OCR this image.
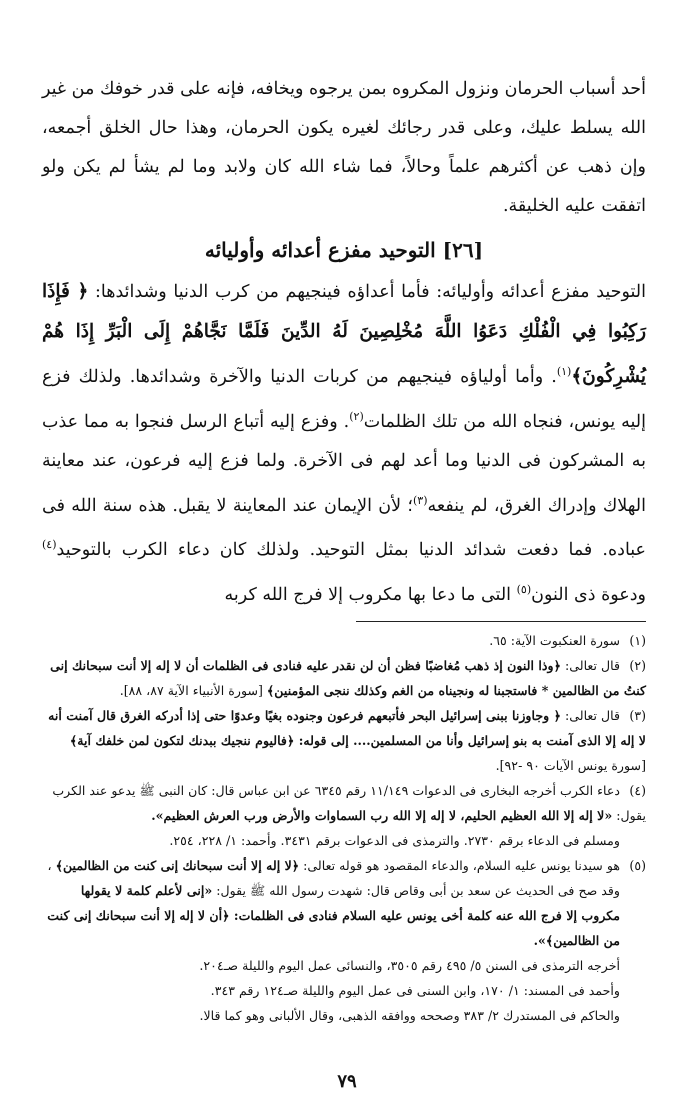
أحد أسباب الحرمان ونزول المكروه بمن يرجوه ويخافه، فإنه على قدر خوفك من غير الله يسلط عليك، وعلى قدر رجائك لغيره يكون الحرمان، وهذا حال الخلق أجمعه، وإن ذهب عن أكثرهم علماً وحالاً، فما شاء الله كان ولابد وما لم يشأ لم يكن ولو اتفقت عليه الخليقة.

[٢٦] التوحيد مفزع أعدائه وأوليائه

التوحيد مفزع أعدائه وأوليائه: فأما أعداؤه فينجيهم من كرب الدنيا وشدائدها: ﴿ فَإِذَا رَكِبُوا فِي الْفُلْكِ دَعَوُا اللَّهَ مُخْلِصِينَ لَهُ الدِّينَ فَلَمَّا نَجَّاهُمْ إِلَى الْبَرِّ إِذَا هُمْ يُشْرِكُونَ﴾$^{(١)}$. وأما أولياؤه فينجيهم من كربات الدنيا والآخرة وشدائدها. ولذلك فزع إليه يونس، فنجاه الله من تلك الظلمات$^{(٢)}$. وفزع إليه أتباع الرسل فنجوا به مما عذب به المشركون فى الدنيا وما أعد لهم فى الآخرة. ولما فزع إليه فرعون، عند معاينة الهلاك وإدراك الغرق، لم ينفعه$^{(٣)}$؛ لأن الإيمان عند المعاينة لا يقبل. هذه سنة الله فى عباده. فما دفعت شدائد الدنيا بمثل التوحيد. ولذلك كان دعاء الكرب بالتوحيد$^{(٤)}$ ودعوة ذى النون$^{(٥)}$ التى ما دعا بها مكروب إلا فرج الله كربه

(١)سورة العنكبوت الآية: ٦٥.

(٢)قال تعالى: ﴿وذا النون إذ ذهب مُغاضبًا فظن أن لن نقدر عليه فنادى فى الظلمات أن لا إله إلا أنت سبحانك إنى كنتُ من الظالمين * فاستجبنا له ونجيناه من الغم وكذلك ننجى المؤمنين﴾ [سورة الأنبياء الآية ٨٧، ٨٨].

(٣)قال تعالى: ﴿ وجاوزنا ببنى إسرائيل البحر فأتبعهم فرعون وجنوده بغيًا وعدوًا حتى إذا أدركه الغرق قال آمنت أنه لا إله إلا الذى آمنت به بنو إسرائيل وأنا من المسلمين.... إلى قوله: ﴿فاليوم ننجيك ببدنك لتكون لمن خلفك آية﴾ [سورة يونس الآيات ٩٠ -٩٢].

(٤)دعاء الكرب أخرجه البخارى فى الدعوات ١١/١٤٩ رقم ٦٣٤٥ عن ابن عباس قال: كان النبى ﷺ يدعو عند الكرب يقول: «لا إله إلا الله العظيم الحليم، لا إله إلا الله رب السماوات والأرض ورب العرش العظيم».

ومسلم فى الدعاء برقم ٢٧٣٠. والترمذى فى الدعوات برقم ٣٤٣١. وأحمد: ١/ ٢٢٨، ٢٥٤.

(٥)هو سيدنا يونس عليه السلام، والدعاء المقصود هو قوله تعالى: ﴿لا إله إلا أنت سبحانك إنى كنت من الظالمين﴾ ،

وقد صح فى الحديث عن سعد بن أبى وقاص قال: شهدت رسول الله ﷺ يقول: «إنى لأعلم كلمة لا يقولها مكروب إلا فرج الله عنه كلمة أخى يونس عليه السلام فنادى فى الظلمات: ﴿أن لا إله إلا أنت سبحانك إنى كنت من الظالمين﴾».

أخرجه الترمذى فى السنن ٥/ ٤٩٥ رقم ٣٥٠٥، والنسائى عمل اليوم والليلة صـ٢٠٤.

وأحمد فى المسند: ١/ ١٧٠، وابن السنى فى عمل اليوم والليلة صـ١٢٤ رقم ٣٤٣.

والحاكم فى المستدرك ٢/ ٣٨٣ وصححه ووافقه الذهبى، وقال الألبانى وهو كما قالا.

٧٩
